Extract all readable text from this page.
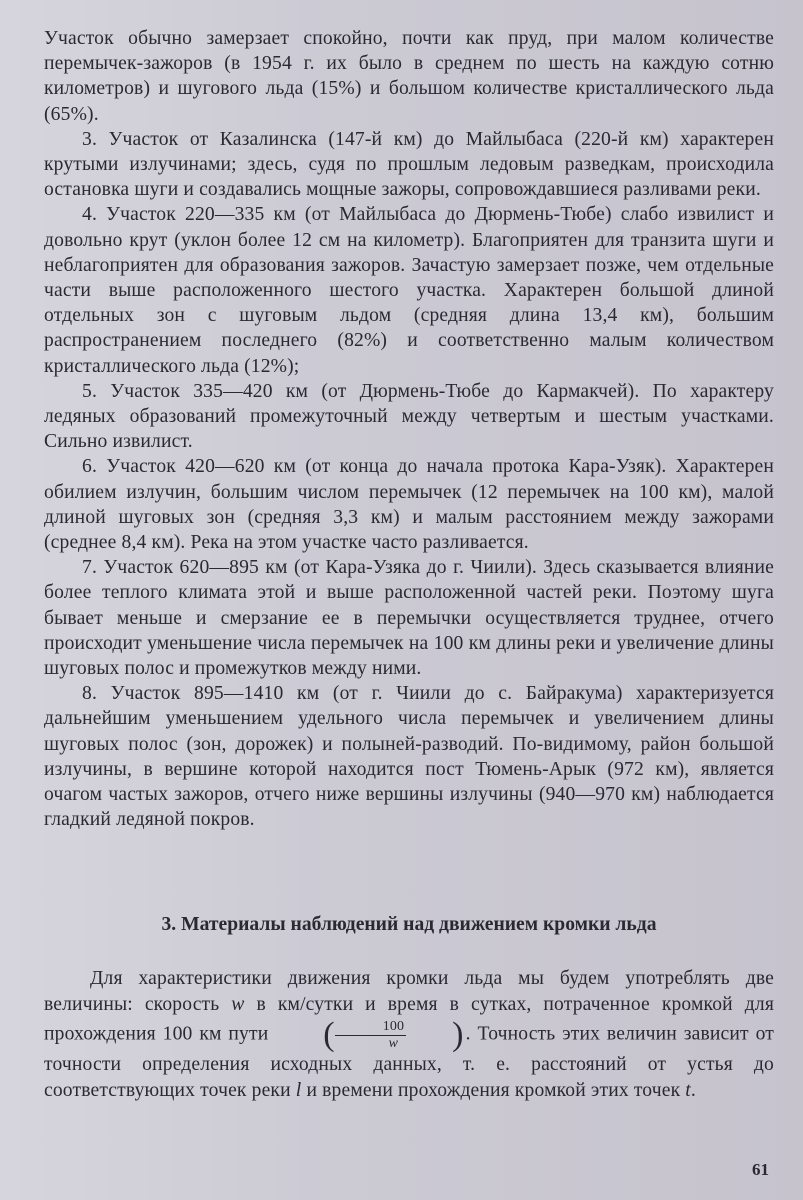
Участок обычно замерзает спокойно, почти как пруд, при малом количестве перемычек-зажоров (в 1954 г. их было в среднем по шесть на каждую сотню километров) и шугового льда (15%) и большом количестве кристаллического льда (65%).

3. Участок от Казалинска (147-й км) до Майлыбаса (220-й км) характерен крутыми излучинами; здесь, судя по прошлым ледовым разведкам, происходила остановка шуги и создавались мощные зажоры, сопровождавшиеся разливами реки.

4. Участок 220—335 км (от Майлыбаса до Дюрмень-Тюбе) слабо извилист и довольно крут (уклон более 12 см на километр). Благоприятен для транзита шуги и неблагоприятен для образования зажоров. Зачастую замерзает позже, чем отдельные части выше расположенного шестого участка. Характерен большой длиной отдельных зон с шуговым льдом (средняя длина 13,4 км), большим распространением последнего (82%) и соответственно малым количеством кристаллического льда (12%);

5. Участок 335—420 км (от Дюрмень-Тюбе до Кармакчей). По характеру ледяных образований промежуточный между четвертым и шестым участками. Сильно извилист.

6. Участок 420—620 км (от конца до начала протока Кара-Узяк). Характерен обилием излучин, большим числом перемычек (12 перемычек на 100 км), малой длиной шуговых зон (средняя 3,3 км) и малым расстоянием между зажорами (среднее 8,4 км). Река на этом участке часто разливается.

7. Участок 620—895 км (от Кара-Узяка до г. Чиили). Здесь сказывается влияние более теплого климата этой и выше расположенной частей реки. Поэтому шуга бывает меньше и смерзание ее в перемычки осуществляется труднее, отчего происходит уменьшение числа перемычек на 100 км длины реки и увеличение длины шуговых полос и промежутков между ними.

8. Участок 895—1410 км (от г. Чиили до с. Байракума) характеризуется дальнейшим уменьшением удельного числа перемычек и увеличением длины шуговых полос (зон, дорожек) и полыней-разводий. По-видимому, район большой излучины, в вершине которой находится пост Тюмень-Арык (972 км), является очагом частых зажоров, отчего ниже вершины излучины (940—970 км) наблюдается гладкий ледяной покров.

3. Материалы наблюдений над движением кромки льда

Для характеристики движения кромки льда мы будем употреблять две величины: скорость w в км/сутки и время в сутках, потраченное кромкой для прохождения 100 км пути	( $\frac{100}{w}$	) . Точность этих величин зависит от точности определения исходных данных, т. е. расстояний от устья до соответствующих точек реки l и времени прохождения кромкой этих точек t.

61
